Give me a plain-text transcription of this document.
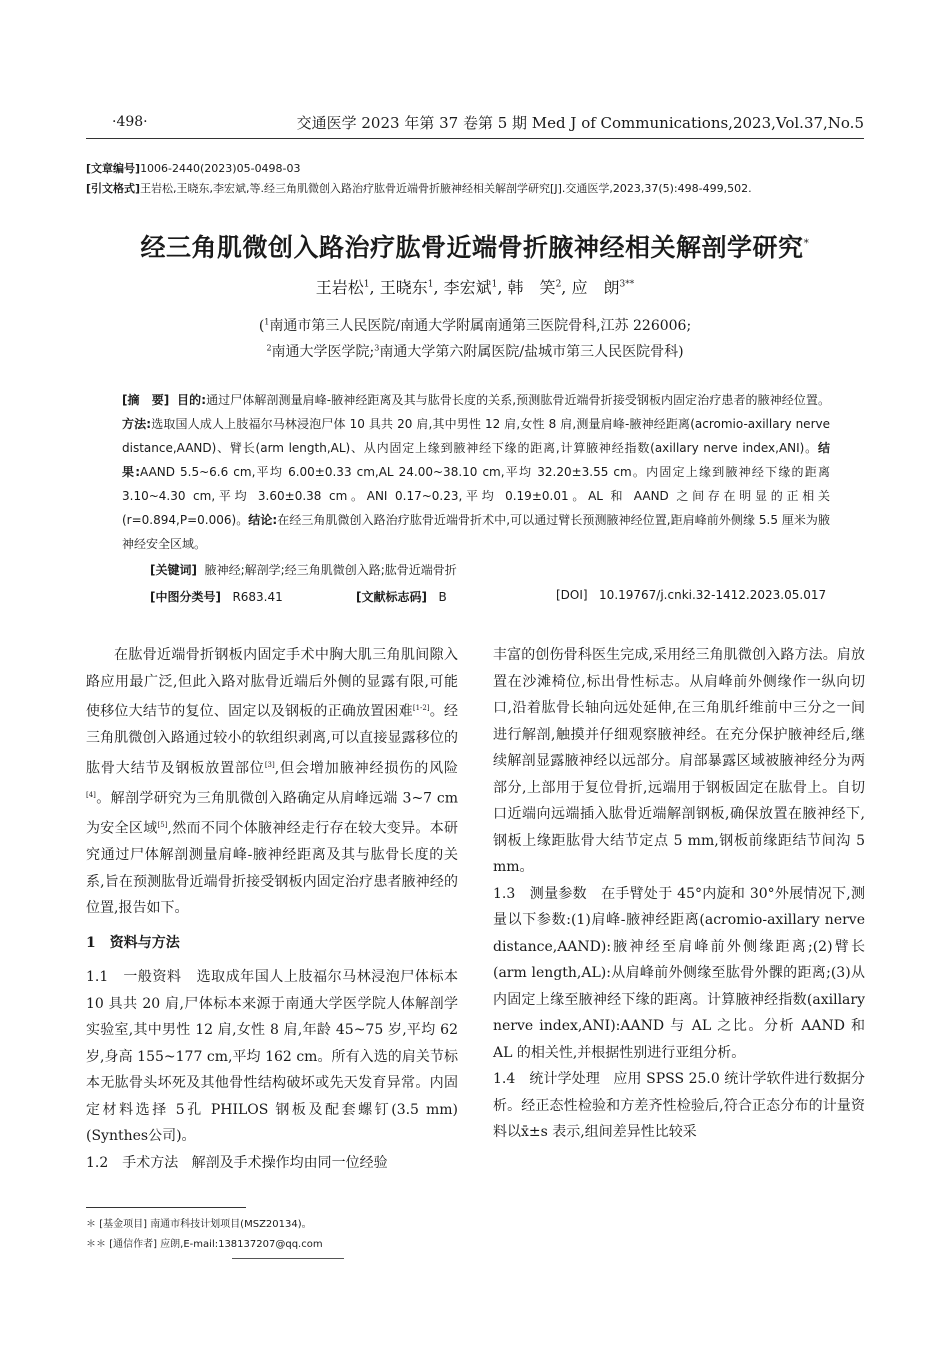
·498·	交通医学 2023 年第 37 卷第 5 期 Med J of Communications,2023,Vol.37,No.5
[文章编号]1006-2440(2023)05-0498-03
[引文格式]王岩松,王晓东,李宏斌,等.经三角肌微创入路治疗肱骨近端骨折腋神经相关解剖学研究[J].交通医学,2023,37(5):498-499,502.
经三角肌微创入路治疗肱骨近端骨折腋神经相关解剖学研究*
王岩松$^1$, 王晓东$^1$, 李宏斌$^1$, 韩　笑$^2$, 应　朗$^{3**}$
($^1$南通市第三人民医院/南通大学附属南通第三医院骨科,江苏 226006;
$^2$南通大学医学院;$^3$南通大学第六附属医院/盐城市第三人民医院骨科)
[摘　要] 目的:通过尸体解剖测量肩峰-腋神经距离及其与肱骨长度的关系,预测肱骨近端骨折接受钢板内固定治疗患者的腋神经位置。方法:选取国人成人上肢福尔马林浸泡尸体 10 具共 20 肩,其中男性 12 肩,女性 8 肩,测量肩峰-腋神经距离(acromio-axillary nerve distance,AAND)、臂长(arm length,AL)、从内固定上缘到腋神经下缘的距离,计算腋神经指数(axillary nerve index,ANI)。结果:AAND 5.5~6.6 cm,平均 6.00±0.33 cm,AL 24.00~38.10 cm,平均 32.20±3.55 cm。内固定上缘到腋神经下缘的距离 3.10~4.30 cm,平均 3.60±0.38 cm。ANI 0.17~0.23,平均 0.19±0.01。AL 和 AAND 之间存在明显的正相关(r=0.894,P=0.006)。结论:在经三角肌微创入路治疗肱骨近端骨折术中,可以通过臂长预测腋神经位置,距肩峰前外侧缘 5.5 厘米为腋神经安全区域。
[关键词] 腋神经;解剖学;经三角肌微创入路;肱骨近端骨折
[中图分类号] R683.41	[文献标志码] B	[DOI] 10.19767/j.cnki.32-1412.2023.05.017

在肱骨近端骨折钢板内固定手术中胸大肌三角肌间隙入路应用最广泛,但此入路对肱骨近端后外侧的显露有限,可能使移位大结节的复位、固定以及钢板的正确放置困难[1-2]。经三角肌微创入路通过较小的软组织剥离,可以直接显露移位的肱骨大结节及钢板放置部位[3],但会增加腋神经损伤的风险[4]。解剖学研究为三角肌微创入路确定从肩峰远端 3~7 cm 为安全区域[5],然而不同个体腋神经走行存在较大变异。本研究通过尸体解剖测量肩峰-腋神经距离及其与肱骨长度的关系,旨在预测肱骨近端骨折接受钢板内固定治疗患者腋神经的位置,报告如下。

1　资料与方法

1.1　一般资料 选取成年国人上肢福尔马林浸泡尸体标本 10 具共 20 肩,尸体标本来源于南通大学医学院人体解剖学实验室,其中男性 12 肩,女性 8 肩,年龄 45~75 岁,平均 62 岁,身高 155~177 cm,平均 162 cm。所有入选的肩关节标本无肱骨头坏死及其他骨性结构破坏或先天发育异常。内固定材料选择 5孔 PHILOS 钢板及配套螺钉(3.5 mm)(Synthes公司)。

1.2　手术方法 解剖及手术操作均由同一位经验

丰富的创伤骨科医生完成,采用经三角肌微创入路方法。肩放置在沙滩椅位,标出骨性标志。从肩峰前外侧缘作一纵向切口,沿着肱骨长轴向远处延伸,在三角肌纤维前中三分之一间进行解剖,触摸并仔细观察腋神经。在充分保护腋神经后,继续解剖显露腋神经以远部分。肩部暴露区域被腋神经分为两部分,上部用于复位骨折,远端用于钢板固定在肱骨上。自切口近端向远端插入肱骨近端解剖钢板,确保放置在腋神经下,钢板上缘距肱骨大结节定点 5 mm,钢板前缘距结节间沟 5 mm。

1.3　测量参数 在手臂处于 45°内旋和 30°外展情况下,测量以下参数:(1)肩峰-腋神经距离(acromio-axillary nerve distance,AAND):腋神经至肩峰前外侧缘距离;(2)臂长(arm length,AL):从肩峰前外侧缘至肱骨外髁的距离;(3)从内固定上缘至腋神经下缘的距离。计算腋神经指数(axillary nerve index,ANI):AAND 与 AL 之比。分析 AAND 和 AL 的相关性,并根据性别进行亚组分析。

1.4　统计学处理 应用 SPSS 25.0 统计学软件进行数据分析。经正态性检验和方差齐性检验后,符合正态分布的计量资料以x̄±s 表示,组间差异性比较采

＊ [基金项目] 南通市科技计划项目(MSZ20134)。
＊＊ [通信作者] 应朗,E-mail:138137207@qq.com
